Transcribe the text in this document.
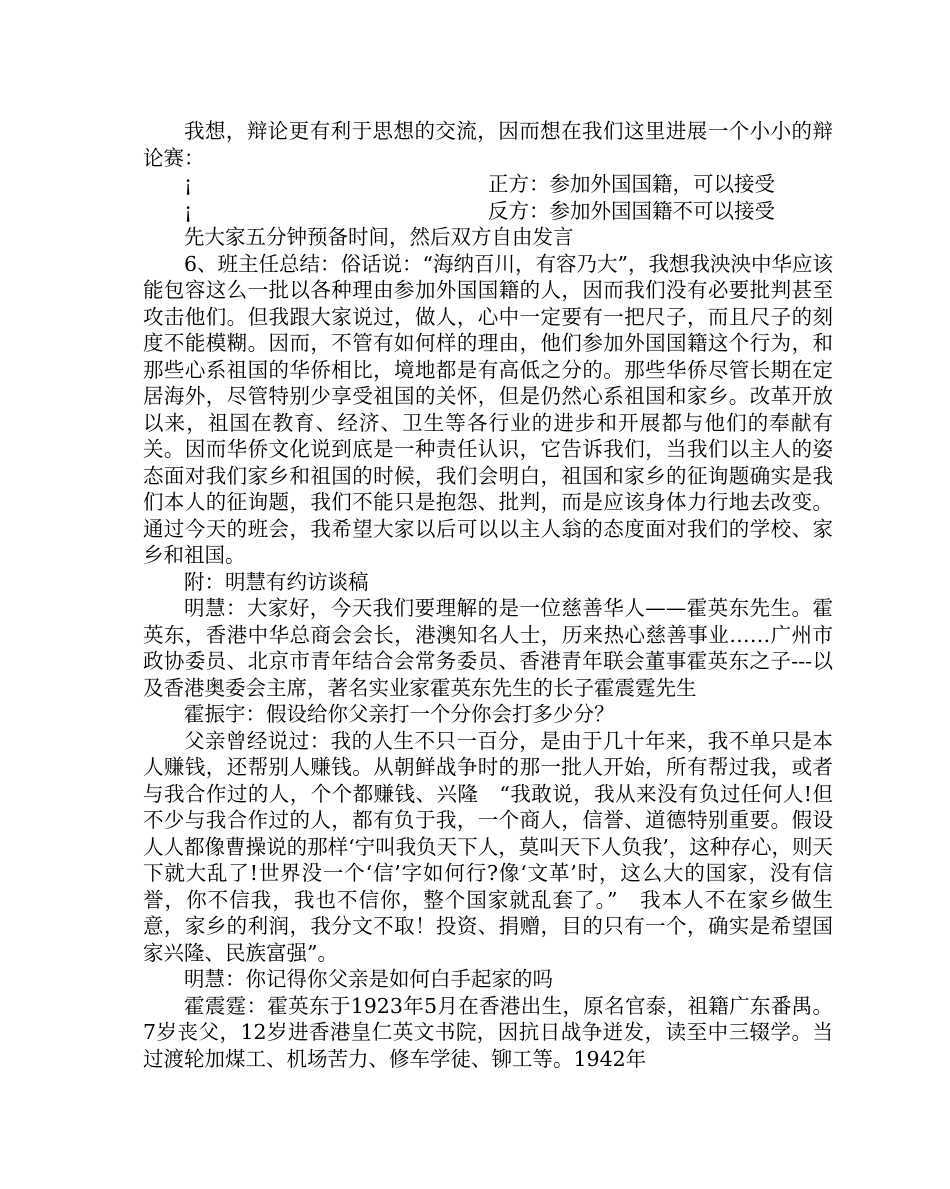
我想，辩论更有利于思想的交流，因而想在我们这里进展一个小小的辩论赛：

¡	正方：参加外国国籍，可以接受
¡	反方：参加外国国籍不可以接受

先大家五分钟预备时间，然后双方自由发言

6、班主任总结：俗话说：“海纳百川，有容乃大”，我想我泱泱中华应该能包容这么一批以各种理由参加外国国籍的人，因而我们没有必要批判甚至攻击他们。但我跟大家说过，做人，心中一定要有一把尺子，而且尺子的刻度不能模糊。因而，不管有如何样的理由，他们参加外国国籍这个行为，和那些心系祖国的华侨相比，境地都是有高低之分的。那些华侨尽管长期在定居海外，尽管特别少享受祖国的关怀，但是仍然心系祖国和家乡。改革开放以来，祖国在教育、经济、卫生等各行业的进步和开展都与他们的奉献有关。因而华侨文化说到底是一种责任认识，它告诉我们，当我们以主人的姿态面对我们家乡和祖国的时候，我们会明白，祖国和家乡的征询题确实是我们本人的征询题，我们不能只是抱怨、批判，而是应该身体力行地去改变。通过今天的班会，我希望大家以后可以以主人翁的态度面对我们的学校、家乡和祖国。

附：明慧有约访谈稿

明慧：大家好，今天我们要理解的是一位慈善华人——霍英东先生。霍英东，香港中华总商会会长，港澳知名人士，历来热心慈善事业……广州市政协委员、北京市青年结合会常务委员、香港青年联会董事霍英东之子---以及香港奥委会主席，著名实业家霍英东先生的长子霍震霆先生

霍振宇：假设给你父亲打一个分你会打多少分？

父亲曾经说过：我的人生不只一百分，是由于几十年来，我不单只是本人赚钱，还帮别人赚钱。从朝鲜战争时的那一批人开始，所有帮过我，或者与我合作过的人，个个都赚钱、兴隆　“我敢说，我从来没有负过任何人!但不少与我合作过的人，都有负于我，一个商人，信誉、道德特别重要。假设人人都像曹操说的那样‘宁叫我负天下人，莫叫天下人负我’，这种存心，则天下就大乱了!世界没一个‘信’字如何行?像‘文革’时，这么大的国家，没有信誉，你不信我，我也不信你，整个国家就乱套了。”　我本人不在家乡做生意，家乡的利润，我分文不取！投资、捐赠，目的只有一个，确实是希望国家兴隆、民族富强”。

明慧：你记得你父亲是如何白手起家的吗

霍震霆：霍英东于1923年5月在香港出生，原名官泰，祖籍广东番禺。7岁丧父，12岁进香港皇仁英文书院，因抗日战争迸发，读至中三辍学。当过渡轮加煤工、机场苦力、修车学徒、铆工等。1942年
